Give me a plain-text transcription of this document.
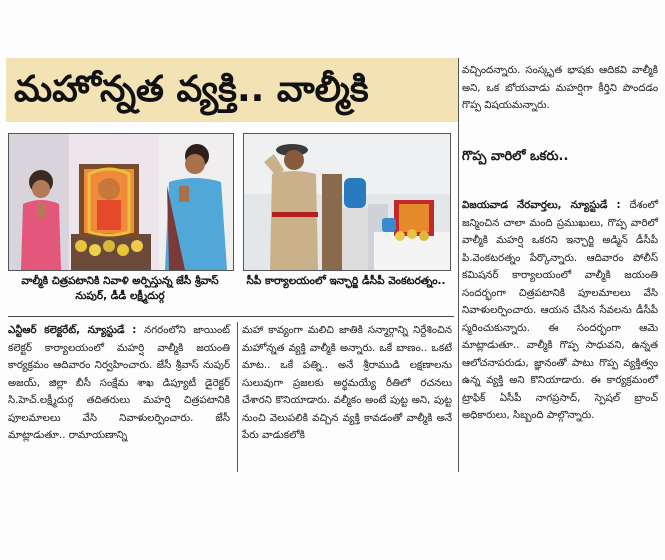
మహోన్నత వ్యక్తి.. వాల్మీకి
వాల్మీకి చిత్రపటానికి నివాళి అర్పిస్తున్న జేసీ శ్రీవాస్ నుపుర్, డీడీ లక్ష్మీదుర్గ
సీపీ కార్యాలయంలో ఇన్ఛార్జి డీసీపీ వెంకటరత్నం..
ఎన్టీఆర్ కలెక్టరేట్, న్యూస్టుడే : నగరంలోని జాయింట్ కలెక్టర్ కార్యాలయంలో మహర్షి వాల్మీకి జయంతి కార్యక్రమం ఆదివారం నిర్వహించారు. జేసీ శ్రీవాస్ నుపుర్ అజయ్, జిల్లా బీసీ సంక్షేమ శాఖ డిప్యూటీ డైరెక్టర్ సి.హెచ్.లక్ష్మీదుర్గ తదితరులు మహర్షి చిత్రపటానికి పూలమాలలు వేసి నివాళులర్పించారు. జేసీ మాట్లాడుతూ.. రామాయణాన్ని
మహా కావ్యంగా మలిచి జాతికి సన్మార్గాన్ని నిర్దేశించిన మహోన్నత వ్యక్తి వాల్మీకి అన్నారు. ఒకే బాణం.. ఒకటే మాట.. ఒకే పత్ని.. అనే శ్రీరాముడి లక్షణాలను సులువుగా ప్రజలకు అర్థమయ్యే రీతిలో రచనలు చేశారని కొనియాడారు. వల్మీకం అంటే పుట్ట అని, పుట్ట నుంచి వెలుపలికి వచ్చిన వ్యక్తి కావడంతో వాల్మీకి అనే పేరు వాడుకలోకి
వచ్చిందన్నారు. సంస్కృత భాషకు ఆదికవి వాల్మీకి అని, ఒక బోయవాడు మహర్షిగా కీర్తిని పొందడం గొప్ప విషయమన్నారు.
గొప్ప వారిలో ఒకరు..
విజయవాడ నేరవార్తలు, న్యూస్టుడే : దేశంలో జన్మించిన చాలా మంది ప్రముఖులు, గొప్ప వారిలో వాల్మీకి మహర్షి ఒకరని ఇన్ఛార్జి అడ్మిన్ డీసీపీ పి.వెంకటరత్నం పేర్కొన్నారు. ఆదివారం పోలీస్ కమిషనర్ కార్యాలయంలో వాల్మీకి జయంతి సందర్భంగా చిత్రపటానికి పూలమాలలు వేసి నివాళులర్పించారు. ఆయన చేసిన సేవలను డీసీపీ స్మరించుకున్నారు. ఈ సందర్భంగా ఆమె మాట్లాడుతూ.. వాల్మీకి గొప్ప సాధువని, ఉన్నత ఆలోచనాపరుడు, జ్ఞానంతో పాటు గొప్ప వ్యక్తిత్వం ఉన్న వ్యక్తి అని కొనియాడారు. ఈ కార్యక్రమంలో ట్రాఫిక్ ఏసీపీ నాగప్రసాద్, స్పెషల్ బ్రాంచ్ అధికారులు, సిబ్బంది పాల్గొన్నారు.
